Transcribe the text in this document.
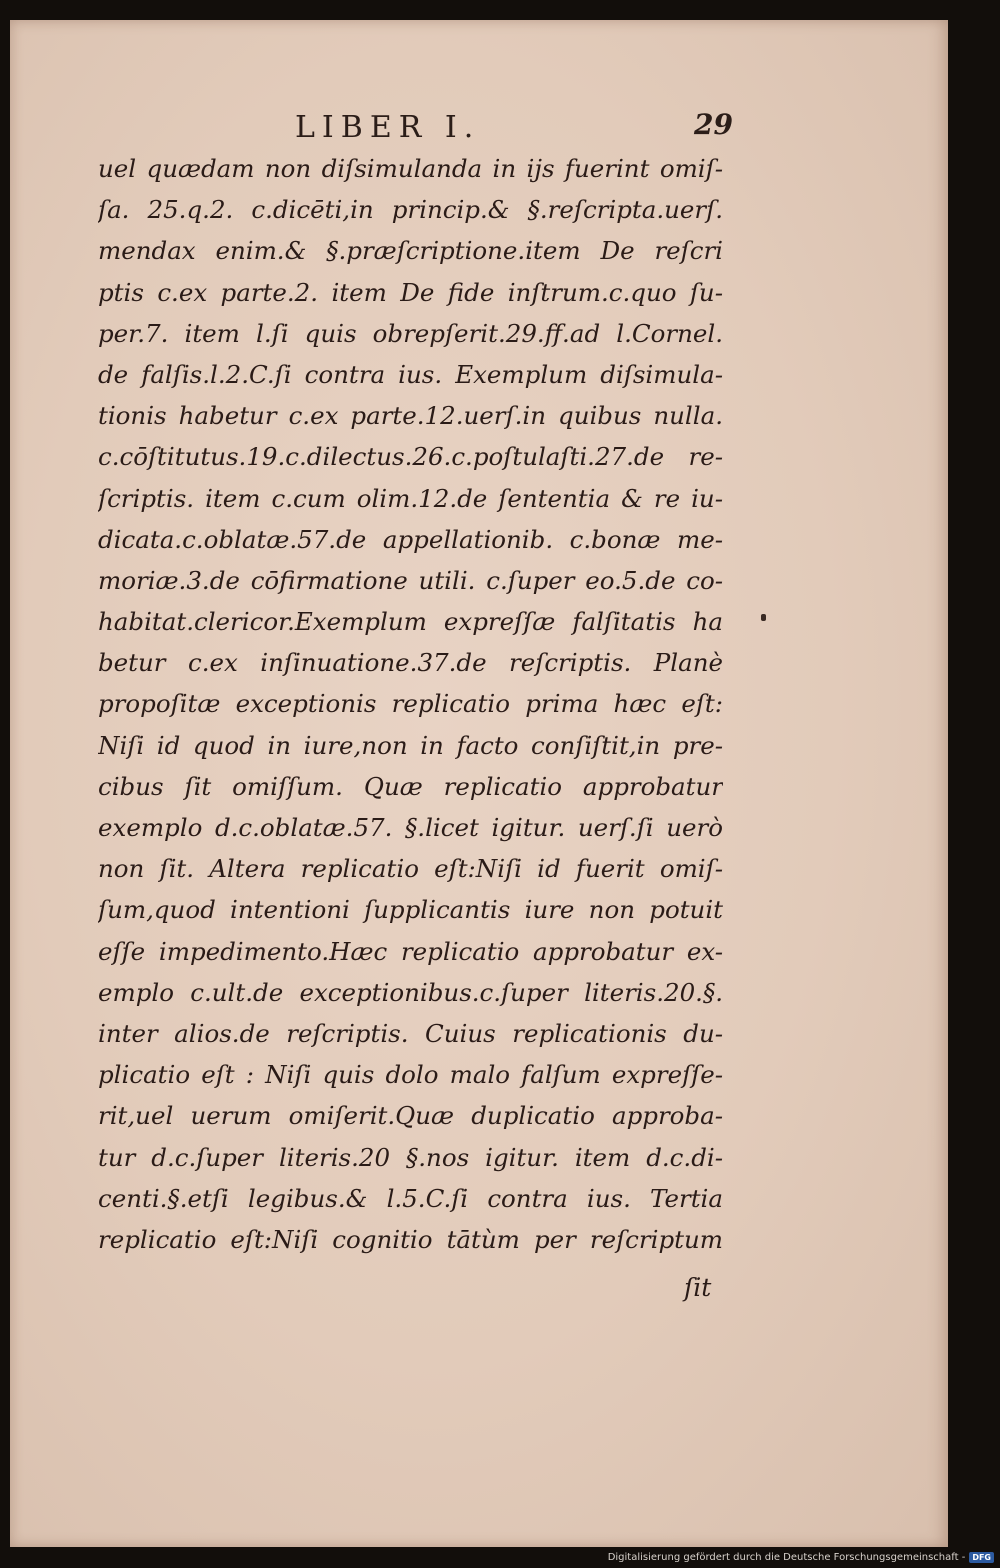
LIBER I.	29
uel quædam non diſsimulanda in ijs fuerint omiſ-
ſa. 25.q.2. c.dicēti,in princip.& §.reſcripta.uerſ.
mendax enim.& §.præſcriptione.item De reſcri
ptis c.ex parte.2. item De fide inſtrum.c.quo ſu-
per.7. item l.ſi quis obrepſerit.29.ff.ad l.Cornel.
de falſis.l.2.C.ſi contra ius. Exemplum diſsimula-
tionis habetur c.ex parte.12.uerſ.in quibus nulla.
c.cōſtitutus.19.c.dilectus.26.c.poſtulaſti.27.de re-
ſcriptis. item c.cum olim.12.de ſententia & re iu-
dicata.c.oblatæ.57.de appellationib. c.bonæ me-
moriæ.3.de cōfirmatione utili. c.ſuper eo.5.de co-
habitat.clericor.Exemplum expreſſæ falſitatis ha
betur c.ex inſinuatione.37.de reſcriptis. Planè
propoſitæ exceptionis replicatio prima hæc eſt:
Niſi id quod in iure,non in facto conſiſtit,in pre-
cibus ſit omiſſum. Quæ replicatio approbatur
exemplo d.c.oblatæ.57. §.licet igitur. uerſ.ſi uerò
non ſit. Altera replicatio eſt:Niſi id fuerit omiſ-
ſum,quod intentioni ſupplicantis iure non potuit
eſſe impedimento.Hæc replicatio approbatur ex-
emplo c.ult.de exceptionibus.c.ſuper literis.20.§.
inter alios.de reſcriptis. Cuius replicationis du-
plicatio eſt : Niſi quis dolo malo falſum expreſſe-
rit,uel uerum omiſerit.Quæ duplicatio approba-
tur d.c.ſuper literis.20 §.nos igitur. item d.c.di-
centi.§.etſi legibus.& l.5.C.ſi contra ius. Tertia
replicatio eſt:Niſi cognitio tātùm per reſcriptum
ſit
Digitalisierung gefördert durch die Deutsche Forschungsgemeinschaft - DFG
